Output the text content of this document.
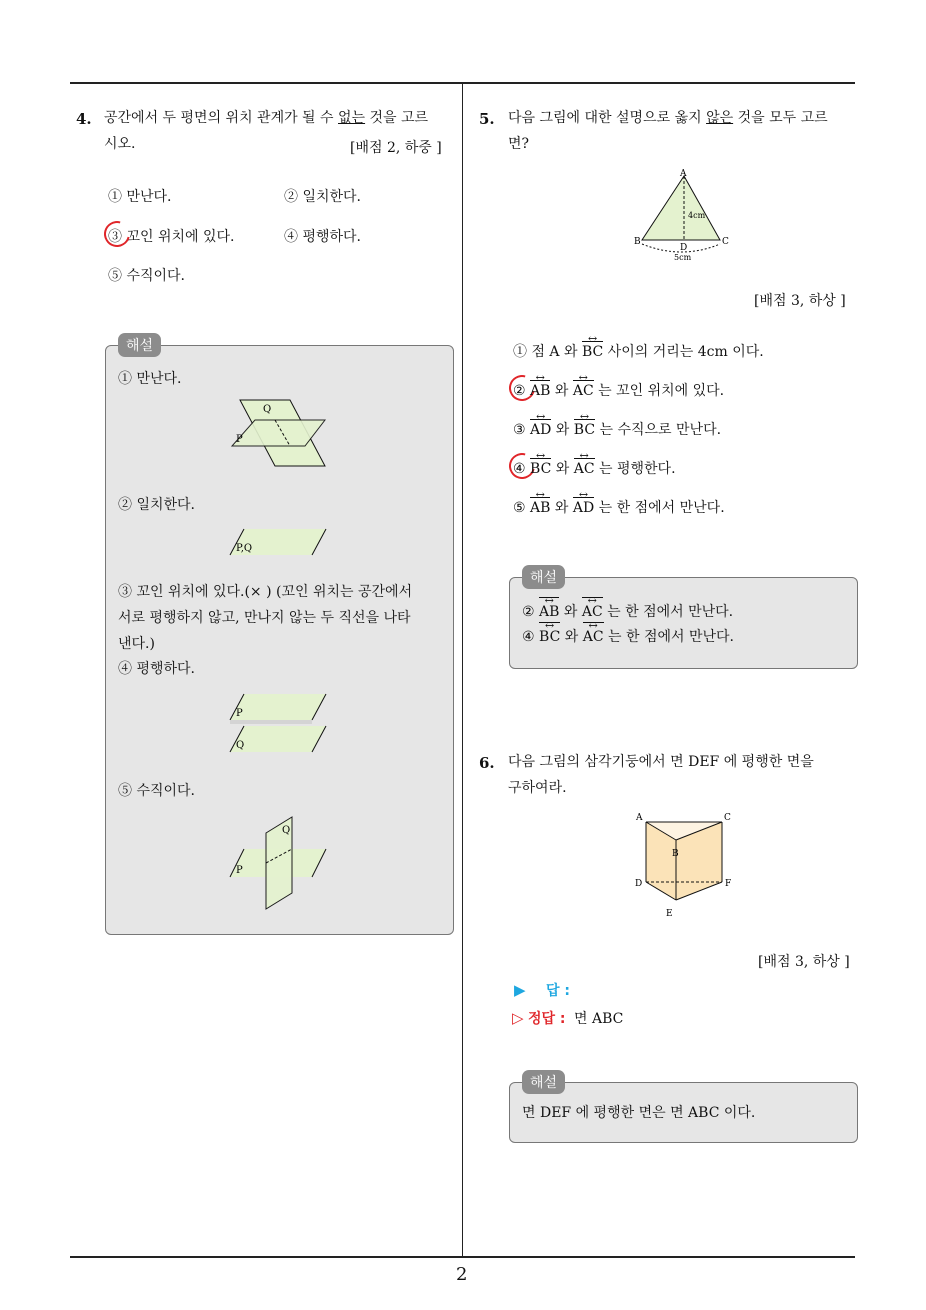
2
4. 공간에서 두 평면의 위치 관계가 될 수 없는 것을 고르
시오.	[배점 2, 하중 ]
① 만난다.	② 일치한다.
③ 꼬인 위치에 있다.	④ 평행하다.
⑤ 수직이다.
해설
① 만난다.
Q
P
② 일치한다.
P,Q
③ 꼬인 위치에 있다.(× ) (꼬인 위치는 공간에서
서로 평행하지 않고, 만나지 않는 두 직선을 나타
낸다.)
④ 평행하다.
P
Q
⑤ 수직이다.
Q
P
5. 다음 그림에 대한 설명으로 옳지 않은 것을 모두 고르
면?
A
B	C
D
4cm
5cm
[배점 3, 하상 ]
① 점 A 와 BC ↔ 사이의 거리는 4cm 이다.
② AB ↔ 와 AC ↔ 는 꼬인 위치에 있다.
③ AD ↔ 와 BC ↔ 는 수직으로 만난다.
④ BC ↔ 와 AC ↔ 는 평행한다.
⑤ AB ↔ 와 AD ↔ 는 한 점에서 만난다.
해설
② AB ↔ 와 AC ↔ 는 한 점에서 만난다.
④ BC ↔ 와 AC ↔ 는 한 점에서 만난다.
6. 다음 그림의 삼각기둥에서 면 DEF 에 평행한 면을
구하여라.
A	C
B
D	F
E
[배점 3, 하상 ]
▶ 답 :
▷ 정답 : 면 ABC
해설
면 DEF 에 평행한 면은 면 ABC 이다.
